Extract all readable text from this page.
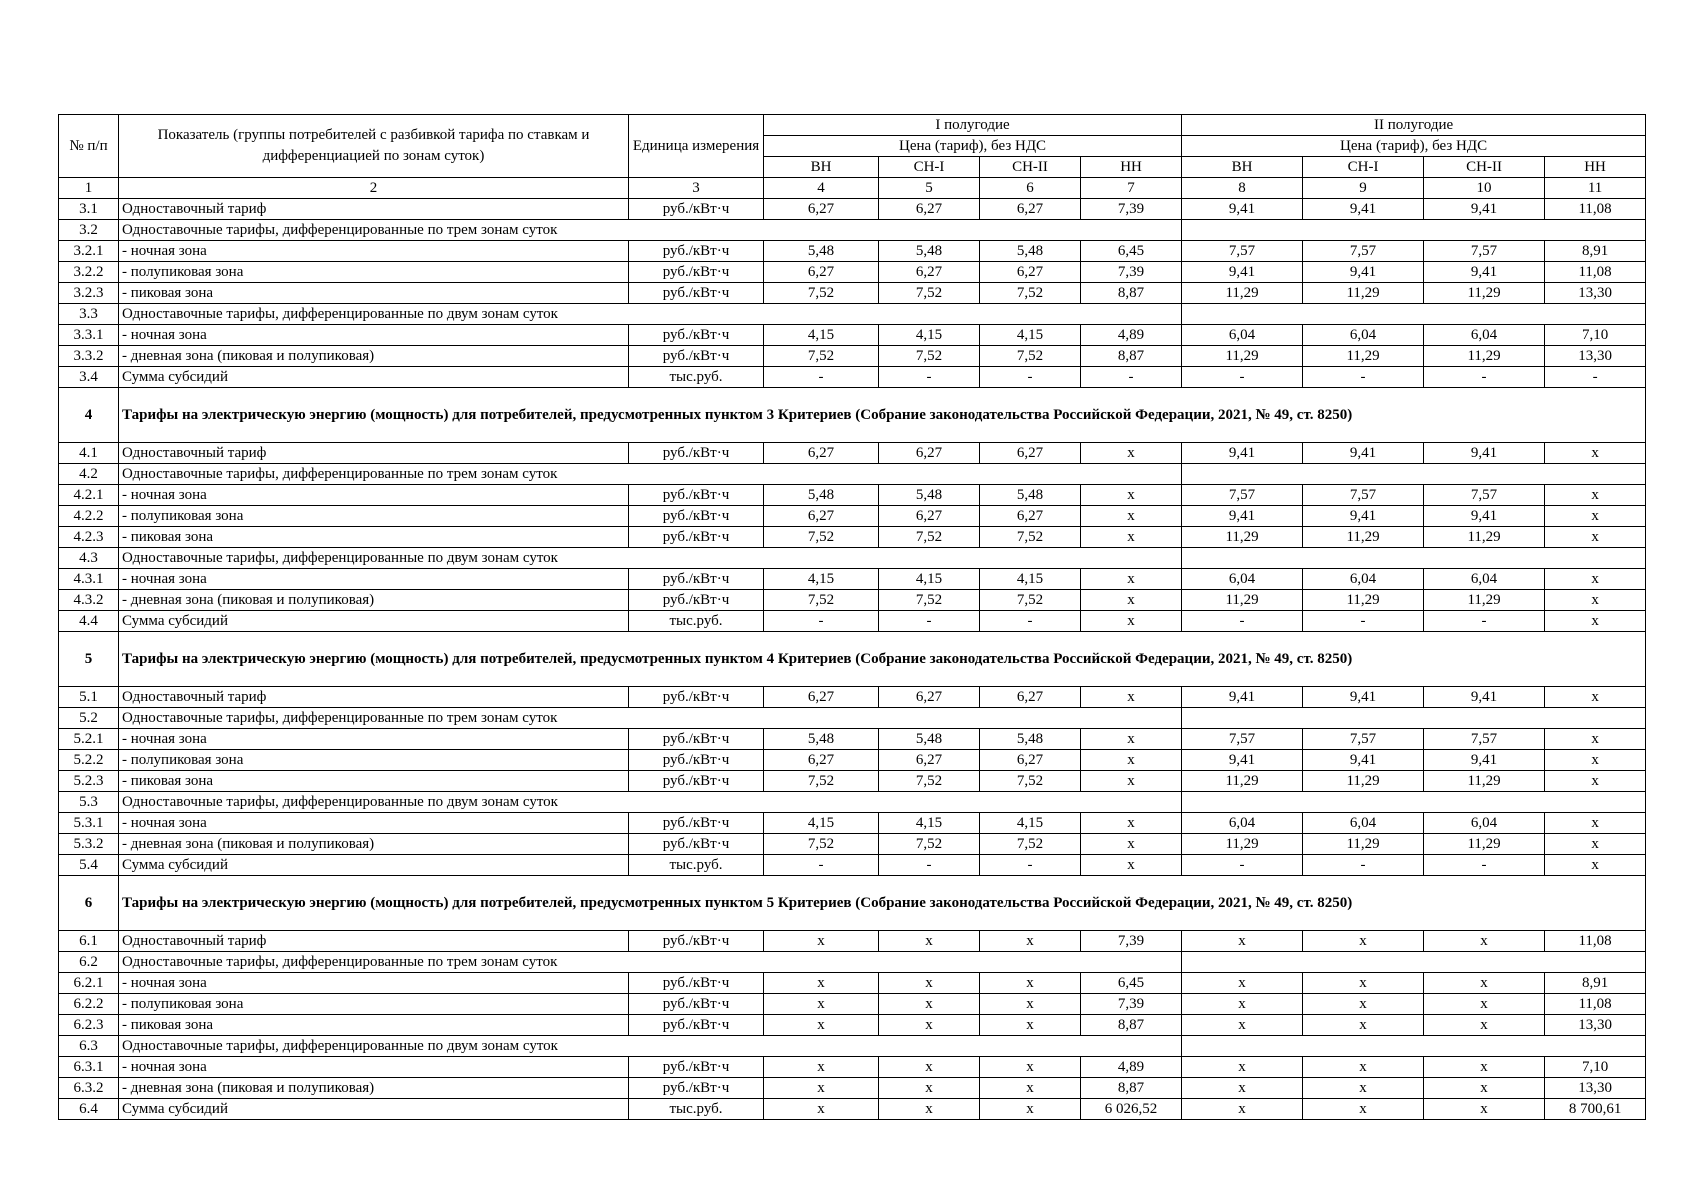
№ п/п	Показатель (группы потребителей с разбивкой тарифа по ставкам и дифференциацией по зонам суток)	Единица измерения	I полугодие				II полугодие			
			Цена (тариф), без НДС				Цена (тариф), без НДС			
			ВН	СН-I	СН-II	НН	ВН	СН-I	СН-II	НН
1	2	3	4	5	6	7	8	9	10	11
3.1	Одноставочный тариф	руб./кВт·ч	6,27	6,27	6,27	7,39	9,41	9,41	9,41	11,08
3.2	Одноставочные тарифы, дифференцированные по трем зонам суток									
3.2.1	- ночная зона	руб./кВт·ч	5,48	5,48	5,48	6,45	7,57	7,57	7,57	8,91
3.2.2	- полупиковая зона	руб./кВт·ч	6,27	6,27	6,27	7,39	9,41	9,41	9,41	11,08
3.2.3	- пиковая зона	руб./кВт·ч	7,52	7,52	7,52	8,87	11,29	11,29	11,29	13,30
3.3	Одноставочные тарифы, дифференцированные по двум зонам суток									
3.3.1	- ночная зона	руб./кВт·ч	4,15	4,15	4,15	4,89	6,04	6,04	6,04	7,10
3.3.2	- дневная зона (пиковая и полупиковая)	руб./кВт·ч	7,52	7,52	7,52	8,87	11,29	11,29	11,29	13,30
3.4	Сумма субсидий	тыс.руб.	-	-	-	-	-	-	-	-
4	Тарифы на электрическую энергию (мощность) для потребителей, предусмотренных пунктом 3 Критериев (Собрание законодательства Российской Федерации, 2021, № 49, ст. 8250)									
4.1	Одноставочный тариф	руб./кВт·ч	6,27	6,27	6,27	х	9,41	9,41	9,41	х
4.2	Одноставочные тарифы, дифференцированные по трем зонам суток									
4.2.1	- ночная зона	руб./кВт·ч	5,48	5,48	5,48	х	7,57	7,57	7,57	х
4.2.2	- полупиковая зона	руб./кВт·ч	6,27	6,27	6,27	х	9,41	9,41	9,41	х
4.2.3	- пиковая зона	руб./кВт·ч	7,52	7,52	7,52	х	11,29	11,29	11,29	х
4.3	Одноставочные тарифы, дифференцированные по двум зонам суток									
4.3.1	- ночная зона	руб./кВт·ч	4,15	4,15	4,15	х	6,04	6,04	6,04	х
4.3.2	- дневная зона (пиковая и полупиковая)	руб./кВт·ч	7,52	7,52	7,52	х	11,29	11,29	11,29	х
4.4	Сумма субсидий	тыс.руб.	-	-	-	х	-	-	-	х
5	Тарифы на электрическую энергию (мощность) для потребителей, предусмотренных пунктом 4 Критериев (Собрание законодательства Российской Федерации, 2021, № 49, ст. 8250)									
5.1	Одноставочный тариф	руб./кВт·ч	6,27	6,27	6,27	х	9,41	9,41	9,41	х
5.2	Одноставочные тарифы, дифференцированные по трем зонам суток									
5.2.1	- ночная зона	руб./кВт·ч	5,48	5,48	5,48	х	7,57	7,57	7,57	х
5.2.2	- полупиковая зона	руб./кВт·ч	6,27	6,27	6,27	х	9,41	9,41	9,41	х
5.2.3	- пиковая зона	руб./кВт·ч	7,52	7,52	7,52	х	11,29	11,29	11,29	х
5.3	Одноставочные тарифы, дифференцированные по двум зонам суток									
5.3.1	- ночная зона	руб./кВт·ч	4,15	4,15	4,15	х	6,04	6,04	6,04	х
5.3.2	- дневная зона (пиковая и полупиковая)	руб./кВт·ч	7,52	7,52	7,52	х	11,29	11,29	11,29	х
5.4	Сумма субсидий	тыс.руб.	-	-	-	х	-	-	-	х
6	Тарифы на электрическую энергию (мощность) для потребителей, предусмотренных пунктом 5 Критериев (Собрание законодательства Российской Федерации, 2021, № 49, ст. 8250)									
6.1	Одноставочный тариф	руб./кВт·ч	х	х	х	7,39	х	х	х	11,08
6.2	Одноставочные тарифы, дифференцированные по трем зонам суток									
6.2.1	- ночная зона	руб./кВт·ч	х	х	х	6,45	х	х	х	8,91
6.2.2	- полупиковая зона	руб./кВт·ч	х	х	х	7,39	х	х	х	11,08
6.2.3	- пиковая зона	руб./кВт·ч	х	х	х	8,87	х	х	х	13,30
6.3	Одноставочные тарифы, дифференцированные по двум зонам суток									
6.3.1	- ночная зона	руб./кВт·ч	х	х	х	4,89	х	х	х	7,10
6.3.2	- дневная зона (пиковая и полупиковая)	руб./кВт·ч	х	х	х	8,87	х	х	х	13,30
6.4	Сумма субсидий	тыс.руб.	х	х	х	6 026,52	х	х	х	8 700,61
